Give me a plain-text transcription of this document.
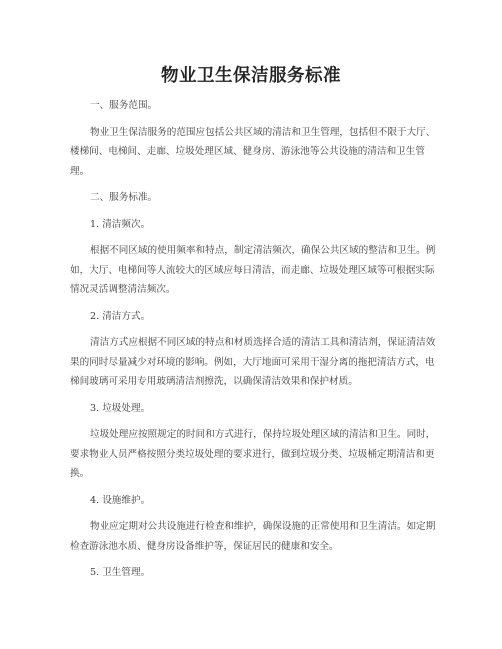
物业卫生保洁服务标准

一、服务范围。

物业卫生保洁服务的范围应包括公共区域的清洁和卫生管理，包括但不限于大厅、楼梯间、电梯间、走廊、垃圾处理区域、健身房、游泳池等公共设施的清洁和卫生管理。

二、服务标准。

1. 清洁频次。

根据不同区域的使用频率和特点，制定清洁频次，确保公共区域的整洁和卫生。例如，大厅、电梯间等人流较大的区域应每日清洁，而走廊、垃圾处理区域等可根据实际情况灵活调整清洁频次。

2. 清洁方式。

清洁方式应根据不同区域的特点和材质选择合适的清洁工具和清洁剂，保证清洁效果的同时尽量减少对环境的影响。例如，大厅地面可采用干湿分离的拖把清洁方式，电梯间玻璃可采用专用玻璃清洁剂擦洗，以确保清洁效果和保护材质。

3. 垃圾处理。

垃圾处理应按照规定的时间和方式进行，保持垃圾处理区域的清洁和卫生。同时，要求物业人员严格按照分类垃圾处理的要求进行，做到垃圾分类、垃圾桶定期清洁和更换。

4. 设施维护。

物业应定期对公共设施进行检查和维护，确保设施的正常使用和卫生清洁。如定期检查游泳池水质、健身房设备维护等，保证居民的健康和安全。

5. 卫生管理。
